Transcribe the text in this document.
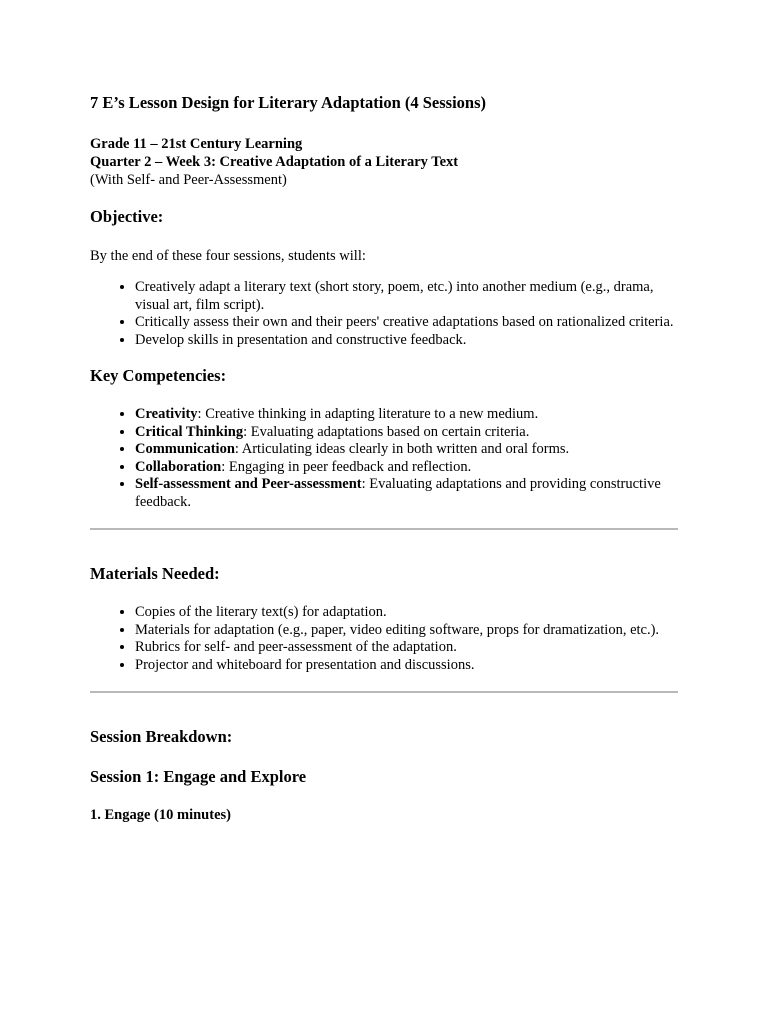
7 E’s Lesson Design for Literary Adaptation (4 Sessions)
Grade 11 – 21st Century Learning
Quarter 2 – Week 3: Creative Adaptation of a Literary Text
(With Self- and Peer-Assessment)
Objective:

By the end of these four sessions, students will:

• Creatively adapt a literary text (short story, poem, etc.) into another medium (e.g., drama, visual art, film script).
• Critically assess their own and their peers' creative adaptations based on rationalized criteria.
• Develop skills in presentation and constructive feedback.
Key Competencies:
• Creativity: Creative thinking in adapting literature to a new medium.
• Critical Thinking: Evaluating adaptations based on certain criteria.
• Communication: Articulating ideas clearly in both written and oral forms.
• Collaboration: Engaging in peer feedback and reflection.
• Self-assessment and Peer-assessment: Evaluating adaptations and providing constructive feedback.
Materials Needed:
• Copies of the literary text(s) for adaptation.
• Materials for adaptation (e.g., paper, video editing software, props for dramatization, etc.).
• Rubrics for self- and peer-assessment of the adaptation.
• Projector and whiteboard for presentation and discussions.
Session Breakdown:
Session 1: Engage and Explore
1. Engage (10 minutes)
